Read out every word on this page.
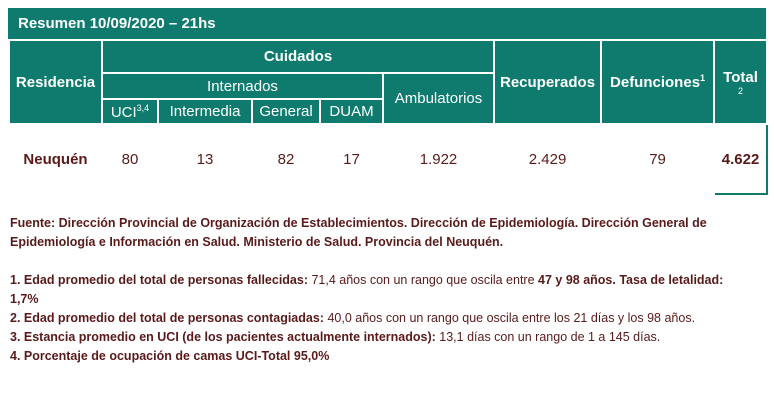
Resumen 10/09/2020 – 21hs
Residencia	Cuidados					Recuperados	Defunciones$^1$	Total
2

	Internados				Ambulatorios			
	UCI$^{3,4}$	Intermedia	General	DUAM				
Neuquén	80	13	82	17	1.922	2.429	79	4.622

Fuente: Dirección Provincial de Organización de Establecimientos. Dirección de Epidemiología. Dirección General de Epidemiología e Información en Salud. Ministerio de Salud. Provincia del Neuquén.

1. Edad promedio del total de personas fallecidas: 71,4 años con un rango que oscila entre 47 y 98 años. Tasa de letalidad: 1,7%

2. Edad promedio del total de personas contagiadas: 40,0 años con un rango que oscila entre los 21 días y los 98 años.

3. Estancia promedio en UCI (de los pacientes actualmente internados): 13,1 días con un rango de 1 a 145 días.

4. Porcentaje de ocupación de camas UCI-Total 95,0%
